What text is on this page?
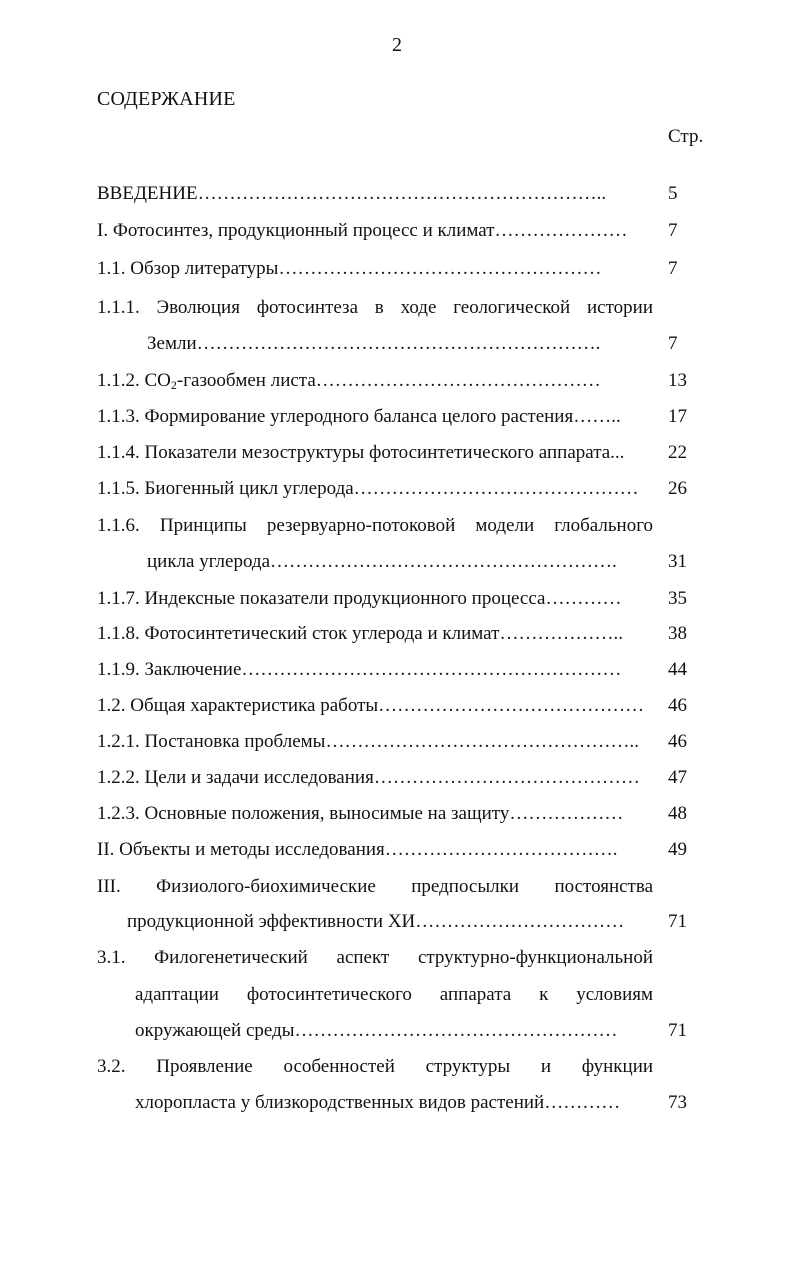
2
СОДЕРЖАНИЕ
Стр.
ВВЕДЕНИЕ………………………………………………………..	5
I. Фотосинтез, продукционный процесс и климат………………… 7
1.1. Обзор литературы……………………………………………	7
1.1.1. Эволюция фотосинтеза в ходе геологической истории
Земли……………………………………………………….	7
1.1.2. $CO_2$-газообмен листа………………………………………	13
1.1.3. Формирование углеродного баланса целого растения…….. 17
1.1.4. Показатели мезоструктуры фотосинтетического аппарата... 22
1.1.5. Биогенный цикл углерода……………………………………… 26
1.1.6. Принципы резервуарно-потоковой модели глобального
цикла углерода……………………………………………….	31
1.1.7. Индексные показатели продукционного процесса………… 35
1.1.8. Фотосинтетический сток углерода и климат……………….. 38
1.1.9. Заключение…………………………………………………… 44
1.2. Общая характеристика работы…………………………………… 46
1.2.1. Постановка проблемы………………………………………….. 46
1.2.2. Цели и задачи исследования…………………………………… 47
1.2.3. Основные положения, выносимые на защиту……………… 48
II. Объекты и методы исследования……………………………….	49
III. Физиолого-биохимические предпосылки постоянства
продукционной эффективности ХИ…………………………… 71
3.1. Филогенетический аспект структурно-функциональной
адаптации фотосинтетического аппарата к условиям
окружающей среды……………………………………………	71
3.2. Проявление особенностей структуры и функции
хлоропласта у близкородственных видов растений…………	73
